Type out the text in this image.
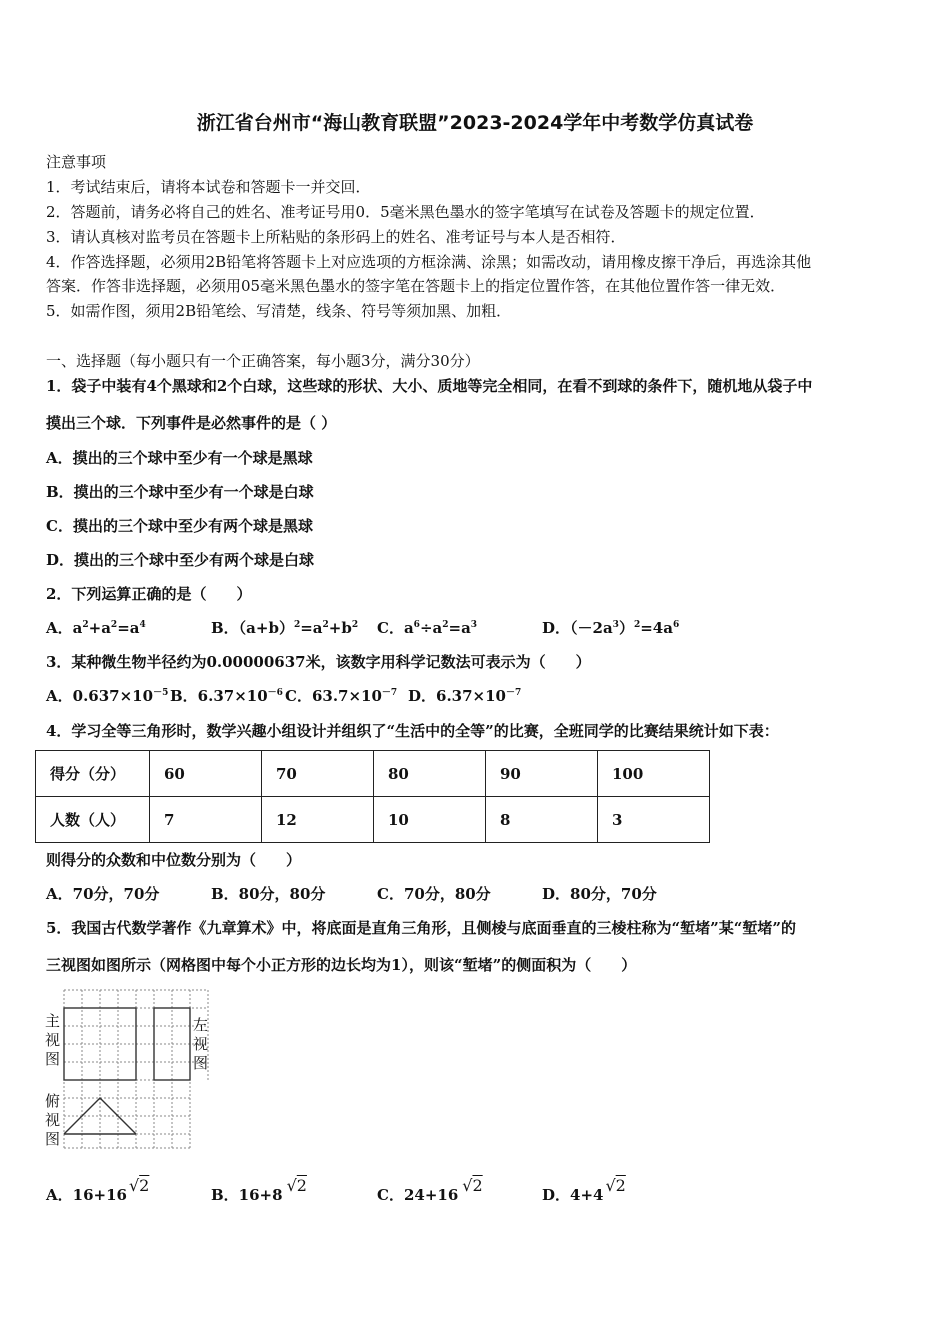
浙江省台州市“海山教育联盟”2023-2024学年中考数学仿真试卷
注意事项
1．考试结束后，请将本试卷和答题卡一并交回．
2．答题前，请务必将自己的姓名、准考证号用0．5毫米黑色墨水的签字笔填写在试卷及答题卡的规定位置．
3．请认真核对监考员在答题卡上所粘贴的条形码上的姓名、准考证号与本人是否相符．
4．作答选择题，必须用2B铅笔将答题卡上对应选项的方框涂满、涂黑；如需改动，请用橡皮擦干净后，再选涂其他
答案．作答非选择题，必须用05毫米黑色墨水的签字笔在答题卡上的指定位置作答，在其他位置作答一律无效．
5．如需作图，须用2B铅笔绘、写清楚，线条、符号等须加黑、加粗．
一、选择题（每小题只有一个正确答案，每小题3分，满分30分）
1．袋子中装有4个黑球和2个白球，这些球的形状、大小、质地等完全相同，在看不到球的条件下，随机地从袋子中
摸出三个球．下列事件是必然事件的是（ ）
A．摸出的三个球中至少有一个球是黑球
B．摸出的三个球中至少有一个球是白球
C．摸出的三个球中至少有两个球是黑球
D．摸出的三个球中至少有两个球是白球
2．下列运算正确的是（　　）
A．$a^2+a^2=a^4$	B．$(a+b)^2=a^2+b^2$ C．$a^6\div a^2=a^3$	D．$(-2a^3)^2=4a^6$
3．某种微生物半径约为0.00000637米，该数字用科学记数法可表示为（　　）
A．$0.637\times 10^{-5}$ B．$6.37\times 10^{-6}$ C．$63.7\times 10^{-7}$ D．$6.37\times 10^{-7}$
4．学习全等三角形时，数学兴趣小组设计并组织了“生活中的全等”的比赛，全班同学的比赛结果统计如下表：
得分（分）	60	70	80	90	100
人数（人）	7	12	10	8	3
则得分的众数和中位数分别为（　　）
A．70分，70分	B．80分，80分	C．70分，80分	D．80分，70分
5．我国古代数学著作《九章算术》中，将底面是直角三角形，且侧棱与底面垂直的三棱柱称为“堑堵”某“堑堵”的
三视图如图所示（网格图中每个小正方形的边长均为1），则该“堑堵”的侧面积为（　　）
主
视
图
左
视
图
俯
视
图
A．16+16 √2	B．16+8 √2	C．24+16 √2	D．4+4 √2
